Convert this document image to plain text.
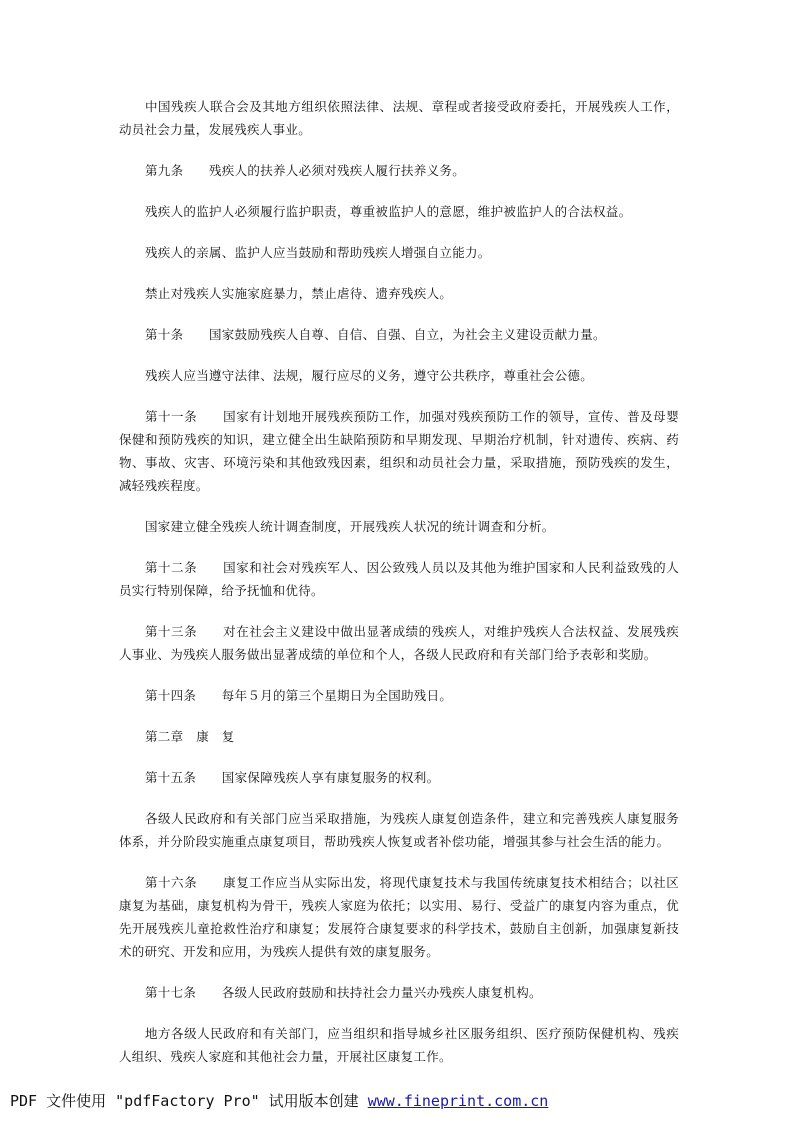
中国残疾人联合会及其地方组织依照法律、法规、章程或者接受政府委托，开展残疾人工作，动员社会力量，发展残疾人事业。

第九条　　残疾人的扶养人必须对残疾人履行扶养义务。

残疾人的监护人必须履行监护职责，尊重被监护人的意愿，维护被监护人的合法权益。

残疾人的亲属、监护人应当鼓励和帮助残疾人增强自立能力。

禁止对残疾人实施家庭暴力，禁止虐待、遗弃残疾人。

第十条　　国家鼓励残疾人自尊、自信、自强、自立，为社会主义建设贡献力量。

残疾人应当遵守法律、法规，履行应尽的义务，遵守公共秩序，尊重社会公德。

第十一条　　国家有计划地开展残疾预防工作，加强对残疾预防工作的领导，宣传、普及母婴保健和预防残疾的知识，建立健全出生缺陷预防和早期发现、早期治疗机制，针对遗传、疾病、药物、事故、灾害、环境污染和其他致残因素，组织和动员社会力量，采取措施，预防残疾的发生，减轻残疾程度。

国家建立健全残疾人统计调查制度，开展残疾人状况的统计调查和分析。

第十二条　　国家和社会对残疾军人、因公致残人员以及其他为维护国家和人民利益致残的人员实行特别保障，给予抚恤和优待。

第十三条　　对在社会主义建设中做出显著成绩的残疾人，对维护残疾人合法权益、发展残疾人事业、为残疾人服务做出显著成绩的单位和个人，各级人民政府和有关部门给予表彰和奖励。

第十四条　　每年５月的第三个星期日为全国助残日。

第二章　康　复

第十五条　　国家保障残疾人享有康复服务的权利。

各级人民政府和有关部门应当采取措施，为残疾人康复创造条件，建立和完善残疾人康复服务体系，并分阶段实施重点康复项目，帮助残疾人恢复或者补偿功能，增强其参与社会生活的能力。

第十六条　　康复工作应当从实际出发，将现代康复技术与我国传统康复技术相结合；以社区康复为基础，康复机构为骨干，残疾人家庭为依托；以实用、易行、受益广的康复内容为重点，优先开展残疾儿童抢救性治疗和康复；发展符合康复要求的科学技术，鼓励自主创新，加强康复新技术的研究、开发和应用，为残疾人提供有效的康复服务。

第十七条　　各级人民政府鼓励和扶持社会力量兴办残疾人康复机构。

地方各级人民政府和有关部门，应当组织和指导城乡社区服务组织、医疗预防保健机构、残疾人组织、残疾人家庭和其他社会力量，开展社区康复工作。

PDF 文件使用 "pdfFactory Pro" 试用版本创建 www.fineprint.com.cn
